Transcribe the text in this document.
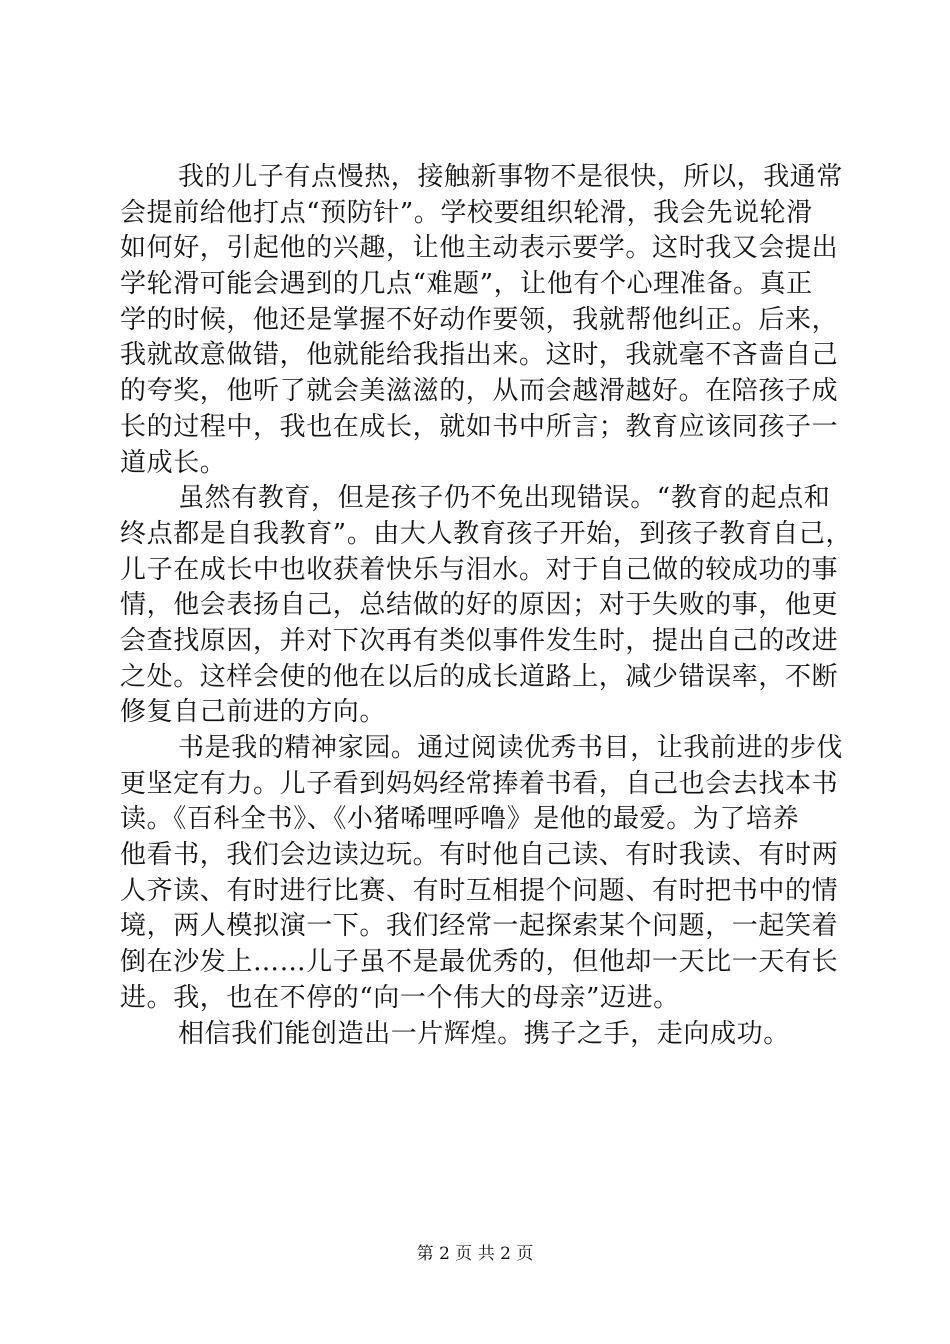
我的儿子有点慢热，接触新事物不是很快，所以，我通常
会提前给他打点“预防针”。学校要组织轮滑，我会先说轮滑
如何好，引起他的兴趣，让他主动表示要学。这时我又会提出
学轮滑可能会遇到的几点“难题”，让他有个心理准备。真正
学的时候，他还是掌握不好动作要领，我就帮他纠正。后来，
我就故意做错，他就能给我指出来。这时，我就毫不吝啬自己
的夸奖，他听了就会美滋滋的，从而会越滑越好。在陪孩子成
长的过程中，我也在成长，就如书中所言；教育应该同孩子一
道成长。
虽然有教育，但是孩子仍不免出现错误。“教育的起点和
终点都是自我教育”。由大人教育孩子开始，到孩子教育自己，
儿子在成长中也收获着快乐与泪水。对于自己做的较成功的事
情，他会表扬自己，总结做的好的原因；对于失败的事，他更
会查找原因，并对下次再有类似事件发生时，提出自己的改进
之处。这样会使的他在以后的成长道路上，减少错误率，不断
修复自己前进的方向。
书是我的精神家园。通过阅读优秀书目，让我前进的步伐
更坚定有力。儿子看到妈妈经常捧着书看，自己也会去找本书
读。《百科全书》、《小猪唏哩呼噜》是他的最爱。为了培养
他看书，我们会边读边玩。有时他自己读、有时我读、有时两
人齐读、有时进行比赛、有时互相提个问题、有时把书中的情
境，两人模拟演一下。我们经常一起探索某个问题，一起笑着
倒在沙发上……儿子虽不是最优秀的，但他却一天比一天有长
进。我，也在不停的“向一个伟大的母亲”迈进。
相信我们能创造出一片辉煌。携子之手，走向成功。
第 2 页 共 2 页
